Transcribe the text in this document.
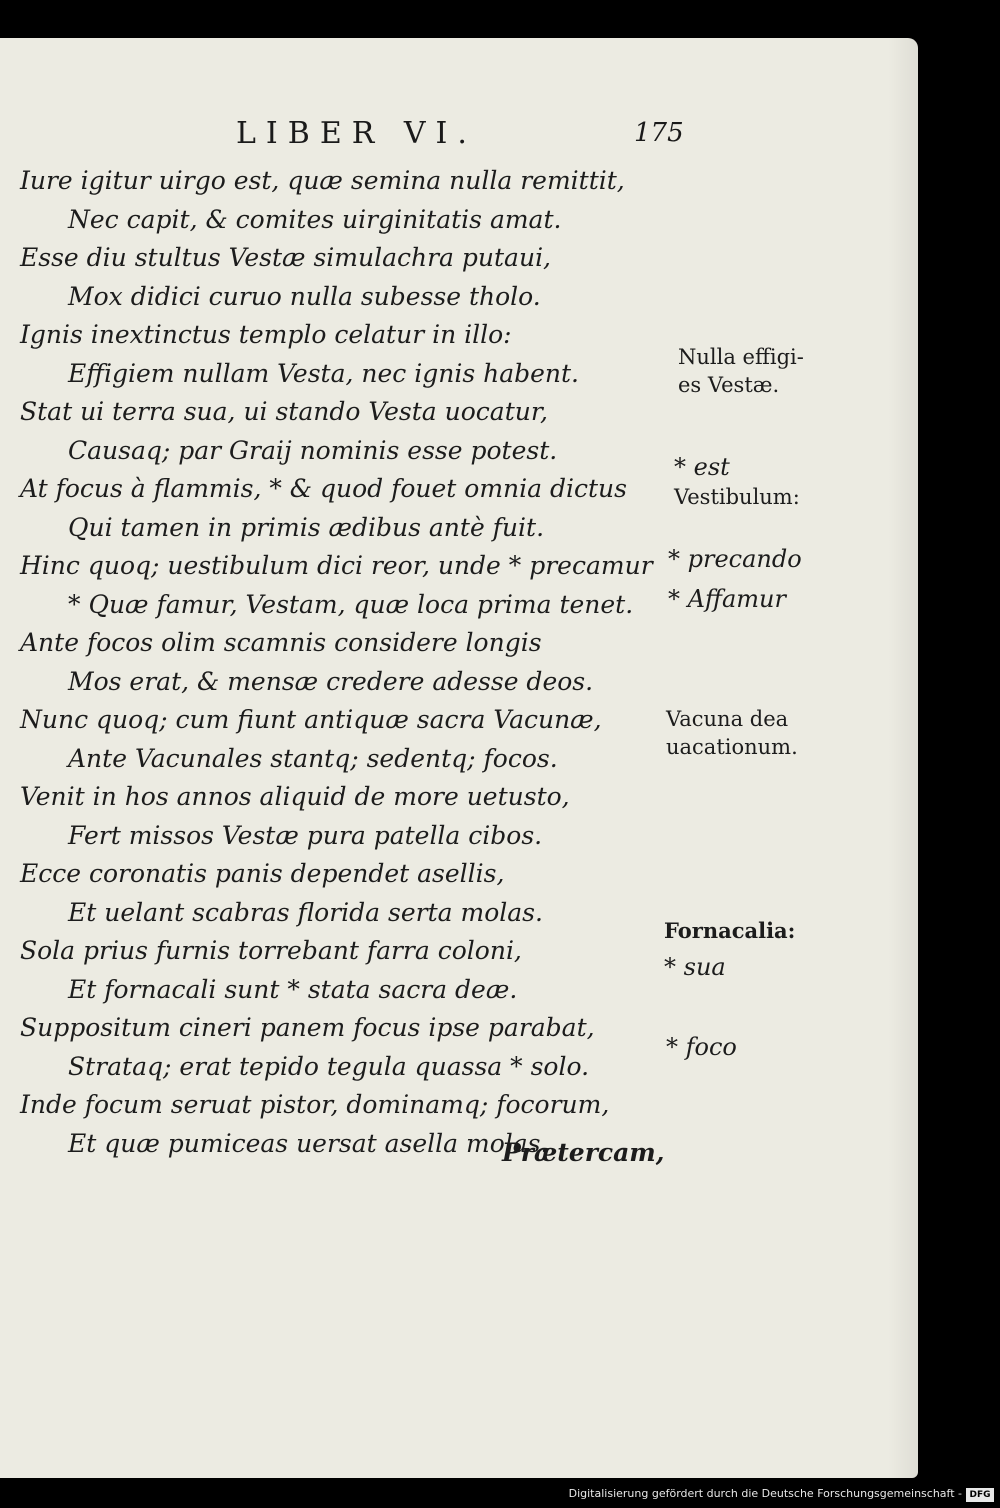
LIBER VI.	175
Iure igitur uirgo est, quæ semina nulla remittit,
Nec capit, & comites uirginitatis amat.
Esse diu stultus Vestæ simulachra putaui,
Mox didici curuo nulla subesse tholo.
Ignis inextinctus templo celatur in illo:
Effigiem nullam Vesta, nec ignis habent.
Stat ui terra sua, ui stando Vesta uocatur,
Causaq; par Graij nominis esse potest.
At focus à flammis, * & quod fouet omnia dictus
Qui tamen in primis ædibus antè fuit.
Hinc quoq; uestibulum dici reor, unde * precamur
* Quæ famur, Vestam, quæ loca prima tenet.
Ante focos olim scamnis considere longis
Mos erat, & mensæ credere adesse deos.
Nunc quoq; cum fiunt antiquæ sacra Vacunæ,
Ante Vacunales stantq; sedentq; focos.
Venit in hos annos aliquid de more uetusto,
Fert missos Vestæ pura patella cibos.
Ecce coronatis panis dependet asellis,
Et uelant scabras florida serta molas.
Sola prius furnis torrebant farra coloni,
Et fornacali sunt * stata sacra deæ.
Suppositum cineri panem focus ipse parabat,
Strataq; erat tepido tegula quassa * solo.
Inde focum seruat pistor, dominamq; focorum,
Et quæ pumiceas uersat asella molas.
Nulla effigi-
es Vestæ.
* est
Vestibulum:
* precando
* Affamur
Vacuna dea
uacationum.
Fornacalia:
* sua
* foco
Prætercam,
Digitalisierung gefördert durch die Deutsche Forschungsgemeinschaft - DFG
